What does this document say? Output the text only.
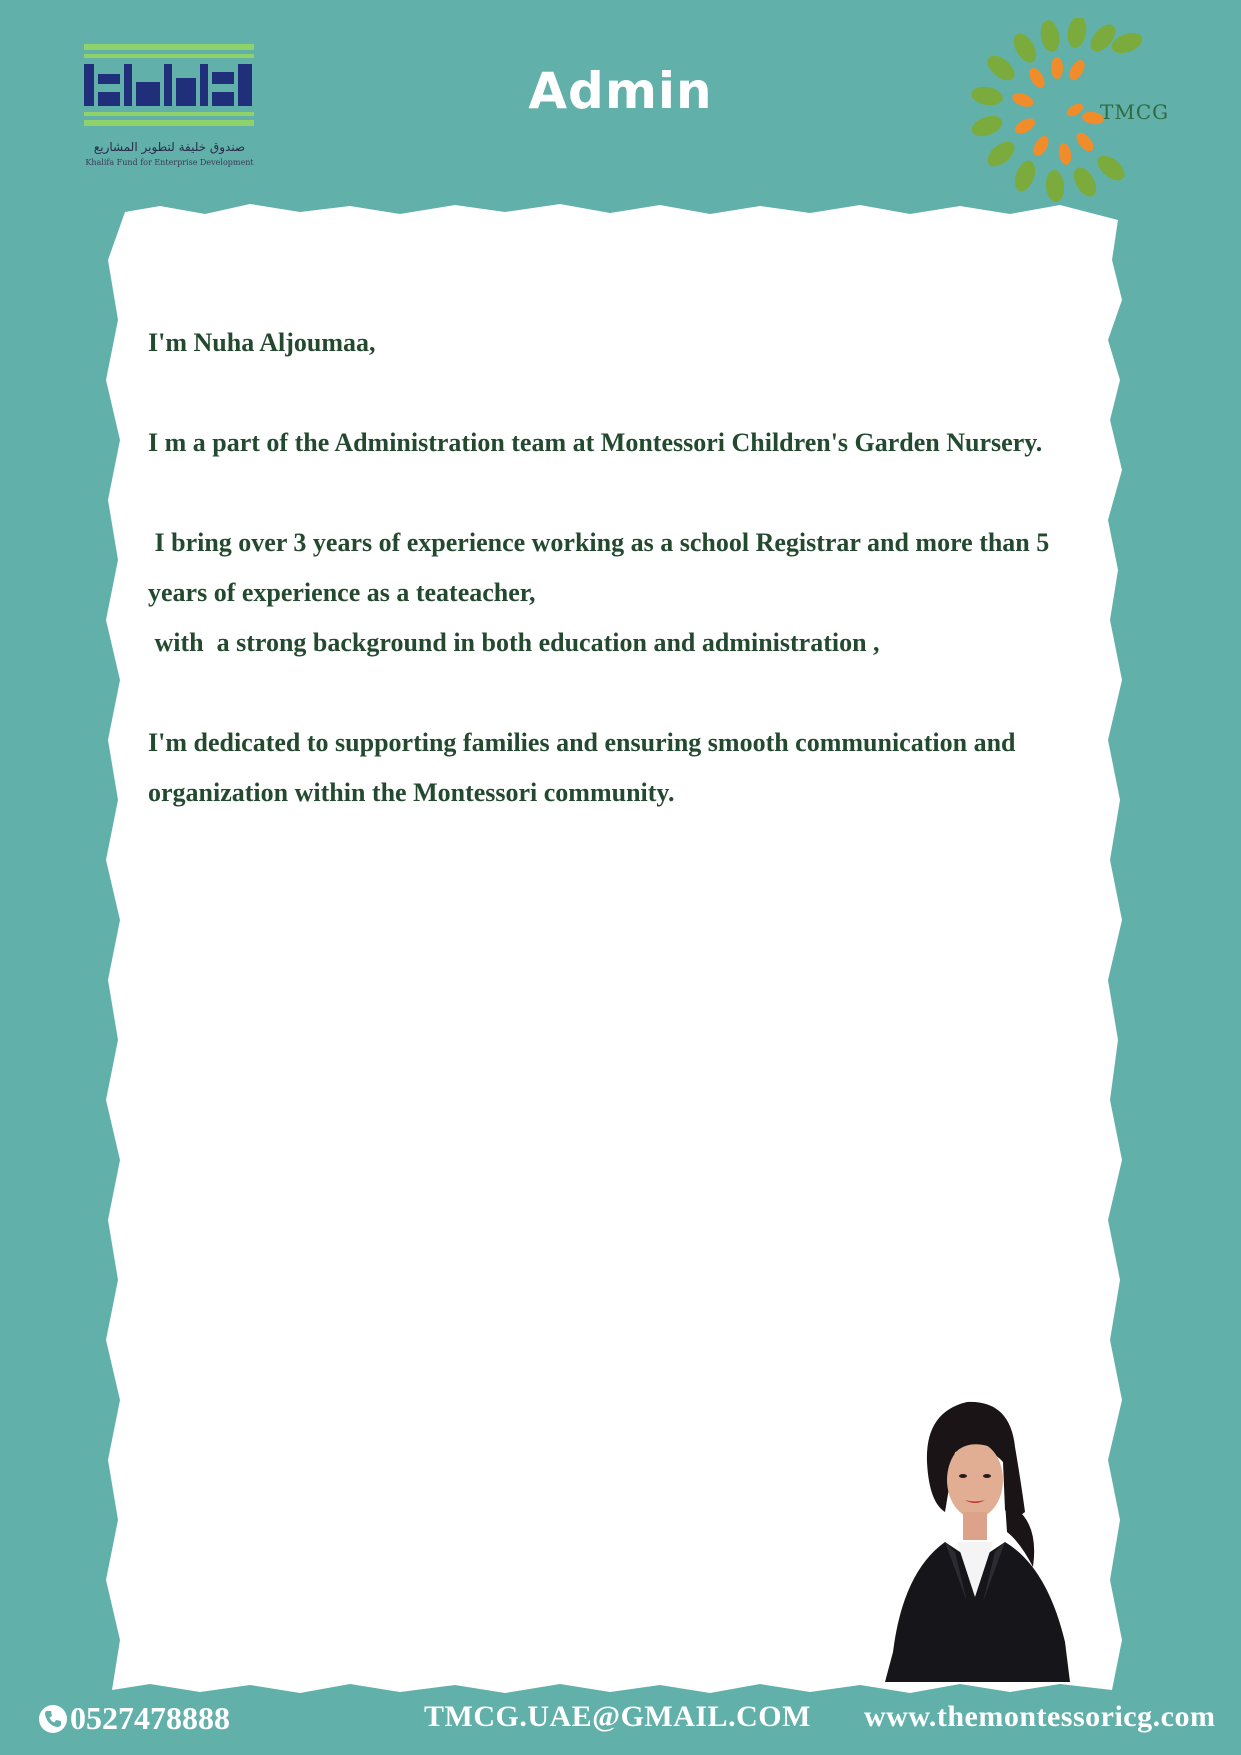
صندوق خليفة لتطوير المشاريع
Khalifa Fund for Enterprise Development
Admin	TMCG

I'm Nuha Aljoumaa,

I m a part of the Administration team at Montessori Children's Garden Nursery.

I bring over 3 years of experience working as a school Registrar and more than 5 years of experience as a teateacher,

with  a strong background in both education and administration ,

I'm dedicated to supporting families and ensuring smooth communication and organization within the Montessori community.

0527478888	TMCG.UAE@GMAIL.COM www.themontessoricg.com
